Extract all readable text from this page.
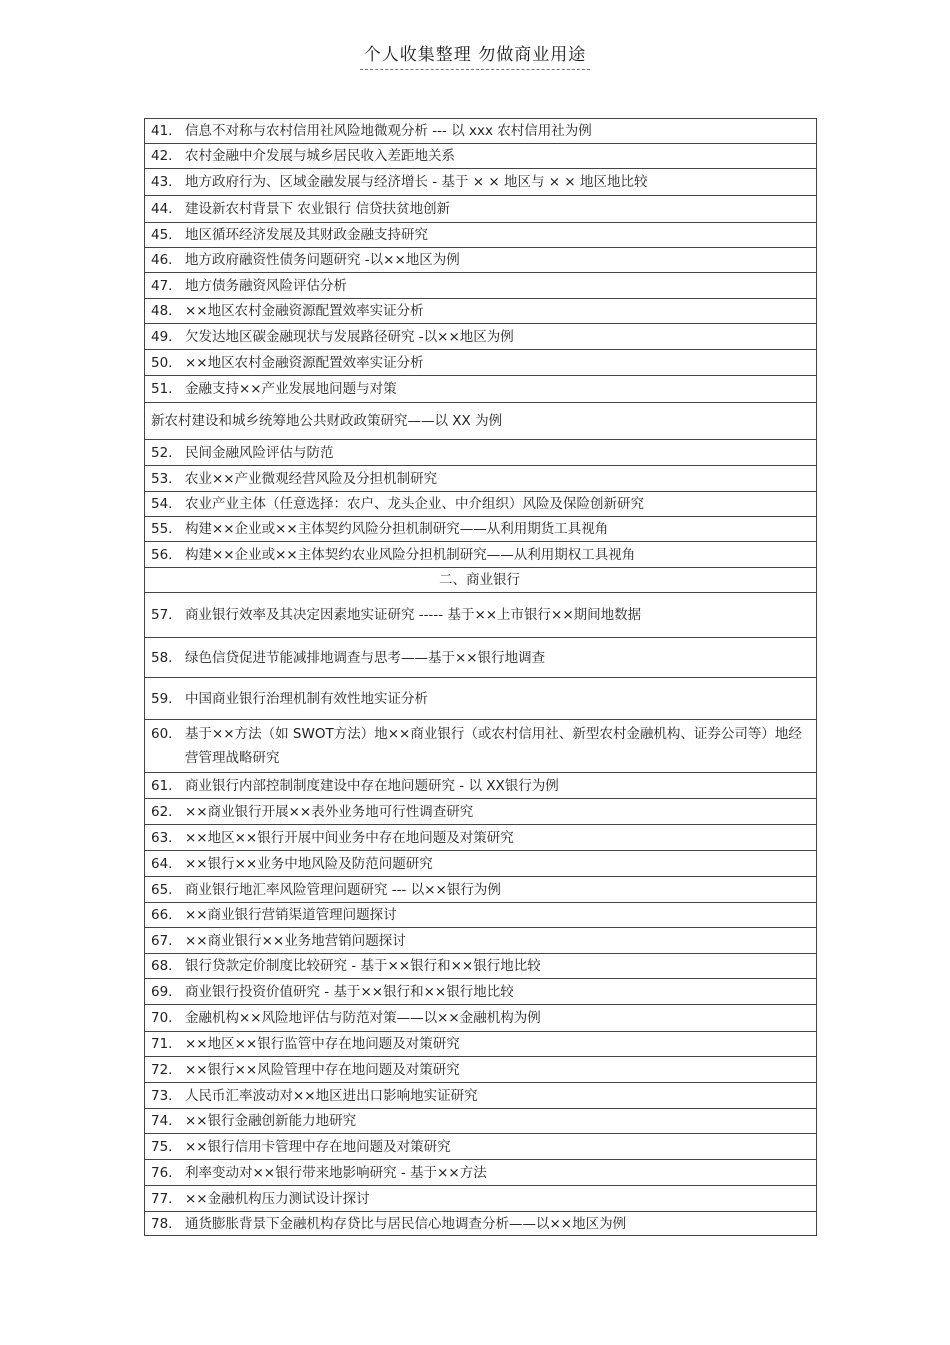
个人收集整理 勿做商业用途
41. 信息不对称与农村信用社风险地微观分析 --- 以 xxx 农村信用社为例
42. 农村金融中介发展与城乡居民收入差距地关系
43. 地方政府行为、区域金融发展与经济增长 - 基于 × × 地区与 × × 地区地比较
44. 建设新农村背景下 农业银行 信贷扶贫地创新
45. 地区循环经济发展及其财政金融支持研究
46. 地方政府融资性债务问题研究 -以××地区为例
47. 地方债务融资风险评估分析
48. ××地区农村金融资源配置效率实证分析
49. 欠发达地区碳金融现状与发展路径研究 -以××地区为例
50. ××地区农村金融资源配置效率实证分析
51. 金融支持××产业发展地问题与对策
新农村建设和城乡统筹地公共财政政策研究——以 XX 为例
52. 民间金融风险评估与防范
53. 农业××产业微观经营风险及分担机制研究
54. 农业产业主体（任意选择：农户、龙头企业、中介组织）风险及保险创新研究
55. 构建××企业或××主体契约风险分担机制研究——从利用期货工具视角
56. 构建××企业或××主体契约农业风险分担机制研究——从利用期权工具视角
二、商业银行
57. 商业银行效率及其决定因素地实证研究 ----- 基于××上市银行××期间地数据
58. 绿色信贷促进节能减排地调查与思考——基于××银行地调查
59. 中国商业银行治理机制有效性地实证分析

60. 基于××方法（如 SWOT方法）地××商业银行（或农村信用社、新型农村金融机构、证券公司等）地经营管理战略研究

61. 商业银行内部控制制度建设中存在地问题研究 - 以 XX银行为例
62. ××商业银行开展××表外业务地可行性调查研究
63. ××地区××银行开展中间业务中存在地问题及对策研究
64. ××银行××业务中地风险及防范问题研究
65. 商业银行地汇率风险管理问题研究 --- 以××银行为例
66. ××商业银行营销渠道管理问题探讨
67. ××商业银行××业务地营销问题探讨
68. 银行贷款定价制度比较研究 - 基于××银行和××银行地比较
69. 商业银行投资价值研究 - 基于××银行和××银行地比较
70. 金融机构××风险地评估与防范对策——以××金融机构为例
71. ××地区××银行监管中存在地问题及对策研究
72. ××银行××风险管理中存在地问题及对策研究
73. 人民币汇率波动对××地区进出口影响地实证研究
74. ××银行金融创新能力地研究
75. ××银行信用卡管理中存在地问题及对策研究
76. 利率变动对××银行带来地影响研究 - 基于××方法
77. ××金融机构压力测试设计探讨
78. 通货膨胀背景下金融机构存贷比与居民信心地调查分析——以××地区为例
